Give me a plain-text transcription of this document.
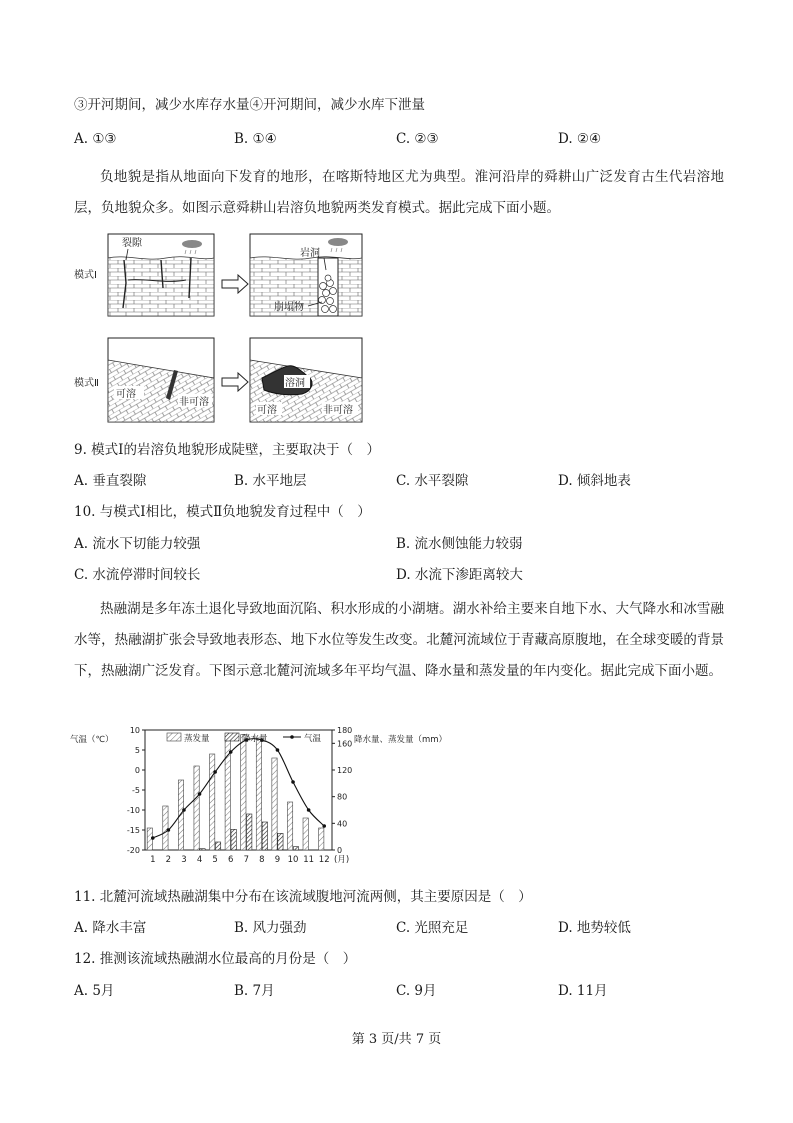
③开河期间，减少水库存水量④开河期间，减少水库下泄量
A. ①③	B. ①④	C. ②③	D. ②④
负地貌是指从地面向下发育的地形，在喀斯特地区尤为典型。淮河沿岸的舜耕山广泛发育古生代岩溶地层，负地貌众多。如图示意舜耕山岩溶负地貌两类发育模式。据此完成下面小题。
模式Ⅰ
裂隙
岩洞
崩塌物
模式Ⅱ
可溶
非可溶
溶洞
可溶	非可溶
9. 模式Ⅰ的岩溶负地貌形成陡壁，主要取决于（　）
A. 垂直裂隙	B. 水平地层	C. 水平裂隙	D. 倾斜地表
10. 与模式Ⅰ相比，模式Ⅱ负地貌发育过程中（　）
A. 流水下切能力较强	B. 流水侧蚀能力较弱
C. 水流停滞时间较长	D. 水流下渗距离较大
热融湖是多年冻土退化导致地面沉陷、积水形成的小湖塘。湖水补给主要来自地下水、大气降水和冰雪融水等，热融湖扩张会导致地表形态、地下水位等发生改变。北麓河流域位于青藏高原腹地，在全球变暖的背景下，热融湖广泛发育。下图示意北麓河流域多年平均气温、降水量和蒸发量的年内变化。据此完成下面小题。
10
5
0
-5
-10
-15
-20
180
160
120
80
40
0
气温（℃）	降水量、蒸发量（mm）
1 2 3 4 5 6 7 8 9 10 11 12 (月)
蒸发量	降水量	气温
11. 北麓河流域热融湖集中分布在该流域腹地河流两侧，其主要原因是（　）
A. 降水丰富	B. 风力强劲	C. 光照充足	D. 地势较低
12. 推测该流域热融湖水位最高的月份是（　）
A. 5月	B. 7月	C. 9月	D. 11月
第 3 页/共 7 页
